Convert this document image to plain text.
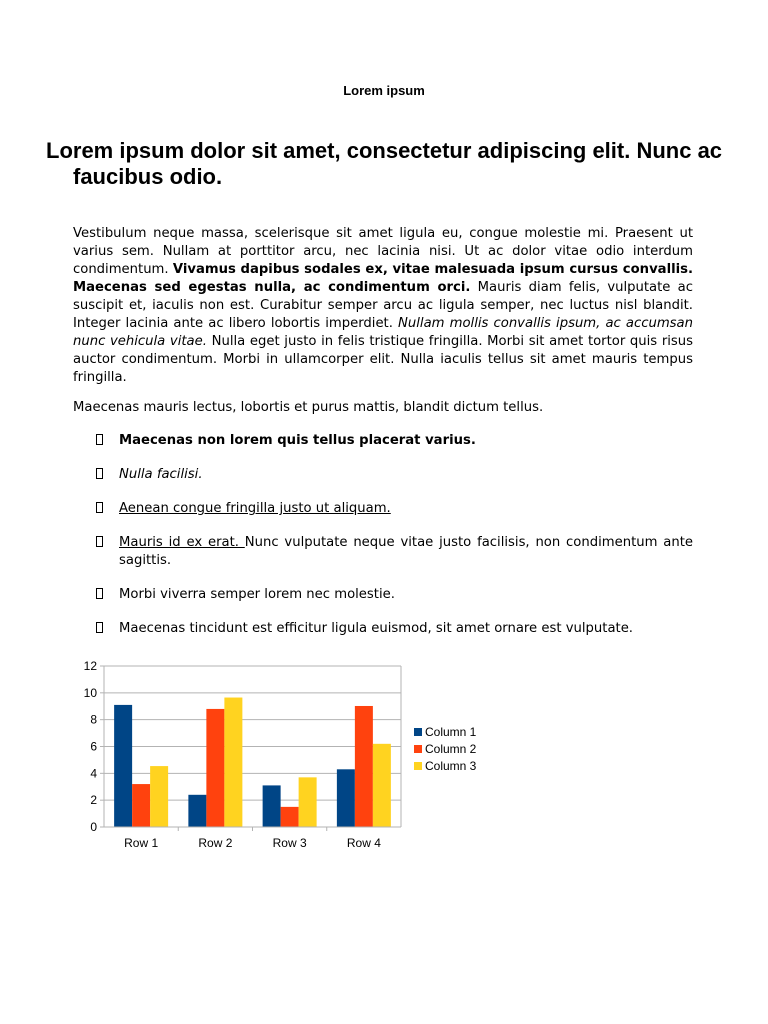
Lorem ipsum
Lorem ipsum dolor sit amet, consectetur adipiscing elit. Nunc ac faucibus odio.

Vestibulum neque massa, scelerisque sit amet ligula eu, congue molestie mi. Praesent ut varius sem. Nullam at porttitor arcu, nec lacinia nisi. Ut ac dolor vitae odio interdum condimentum. Vivamus dapibus sodales ex, vitae malesuada ipsum cursus convallis. Maecenas sed egestas nulla, ac condimentum orci. Mauris diam felis, vulputate ac suscipit et, iaculis non est. Curabitur semper arcu ac ligula semper, nec luctus nisl blandit. Integer lacinia ante ac libero lobortis imperdiet. Nullam mollis convallis ipsum, ac accumsan nunc vehicula vitae. Nulla eget justo in felis tristique fringilla. Morbi sit amet tortor quis risus auctor condimentum. Morbi in ullamcorper elit. Nulla iaculis tellus sit amet mauris tempus fringilla.

Maecenas mauris lectus, lobortis et purus mattis, blandit dictum tellus.

Maecenas non lorem quis tellus placerat varius.
Nulla facilisi.
Aenean congue fringilla justo ut aliquam.
Mauris id ex erat. Nunc vulputate neque vitae justo facilisis, non condimentum ante sagittis.
Morbi viverra semper lorem nec molestie.
Maecenas tincidunt est efficitur ligula euismod, sit amet ornare est vulputate.
0
2
4
6
8
10
12
Row 1	Row 2	Row 3	Row 4
Column 1
Column 2
Column 3
